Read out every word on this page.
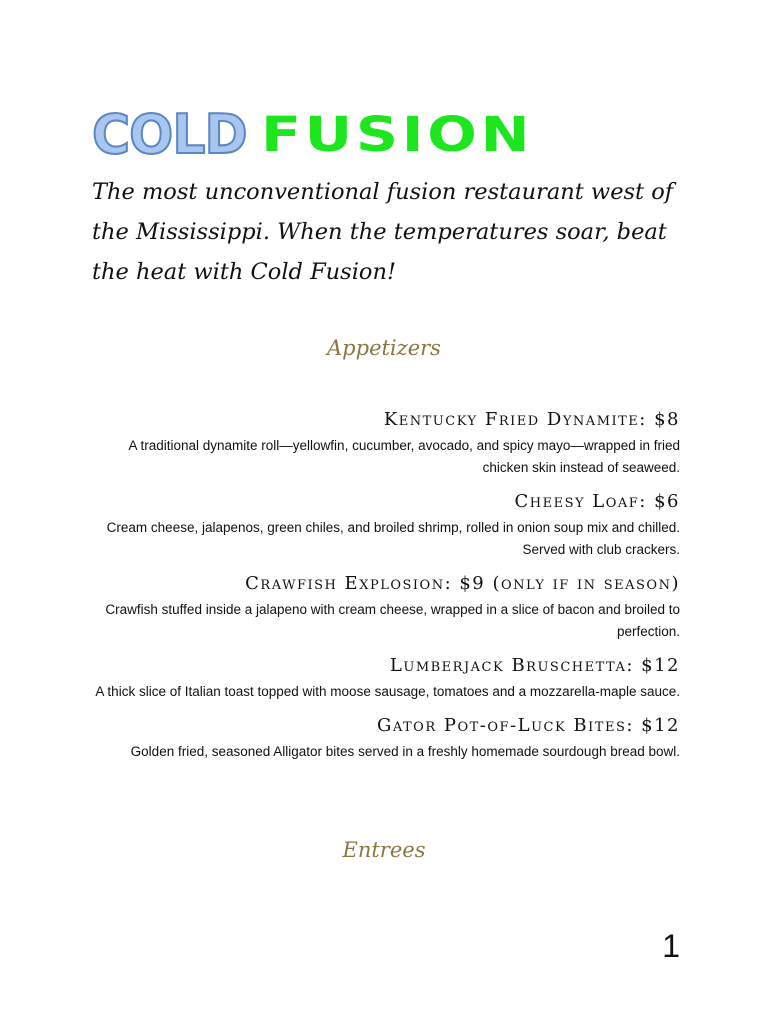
COLD FUSION

The most unconventional fusion restaurant west of the Mississippi. When the temperatures soar, beat the heat with Cold Fusion!

Appetizers
Kentucky Fried Dynamite: $8
A traditional dynamite roll—yellowfin, cucumber, avocado, and spicy mayo—wrapped in fried chicken skin instead of seaweed.
Cheesy Loaf: $6
Cream cheese, jalapenos, green chiles, and broiled shrimp, rolled in onion soup mix and chilled. Served with club crackers.
Crawfish Explosion: $9 (only if in season)
Crawfish stuffed inside a jalapeno with cream cheese, wrapped in a slice of bacon and broiled to perfection.
Lumberjack Bruschetta: $12
A thick slice of Italian toast topped with moose sausage, tomatoes and a mozzarella-maple sauce.
Gator Pot-of-Luck Bites: $12
Golden fried, seasoned Alligator bites served in a freshly homemade sourdough bread bowl.
Entrees
1
